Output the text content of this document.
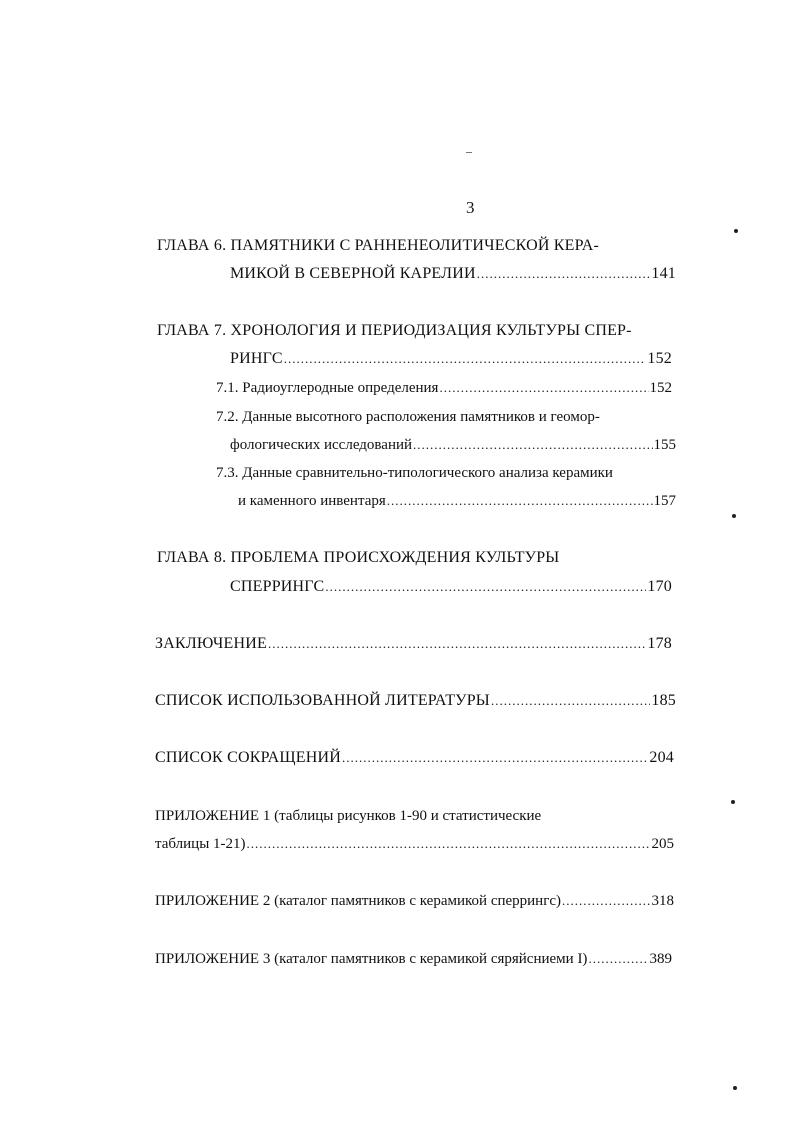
3
ГЛАВА 6. ПАМЯТНИКИ С РАННЕНЕОЛИТИЧЕСКОЙ КЕРА-
МИКОЙ В СЕВЕРНОЙ КАРЕЛИИ .....	141
ГЛАВА 7. ХРОНОЛОГИЯ И ПЕРИОДИЗАЦИЯ КУЛЬТУРЫ СПЕР-
РИНГС .....	152
7.1. Радиоуглеродные определения .....	152
7.2. Данные высотного расположения памятников и геомор-
фологических исследований .....	155
7.3. Данные сравнительно-типологического анализа керамики
и каменного инвентаря .....	157
ГЛАВА 8. ПРОБЛЕМА ПРОИСХОЖДЕНИЯ КУЛЬТУРЫ
СПЕРРИНГС .....	170
ЗАКЛЮЧЕНИЕ .....	178
СПИСОК ИСПОЛЬЗОВАННОЙ ЛИТЕРАТУРЫ .....	185
СПИСОК СОКРАЩЕНИЙ .....	204
ПРИЛОЖЕНИЕ 1 (таблицы рисунков 1-90 и статистические
таблицы 1-21) .....	205
ПРИЛОЖЕНИЕ 2 (каталог памятников с керамикой сперрингс) .....	318
ПРИЛОЖЕНИЕ 3 (каталог памятников с керамикой сяряйсниеми I) .....	389
